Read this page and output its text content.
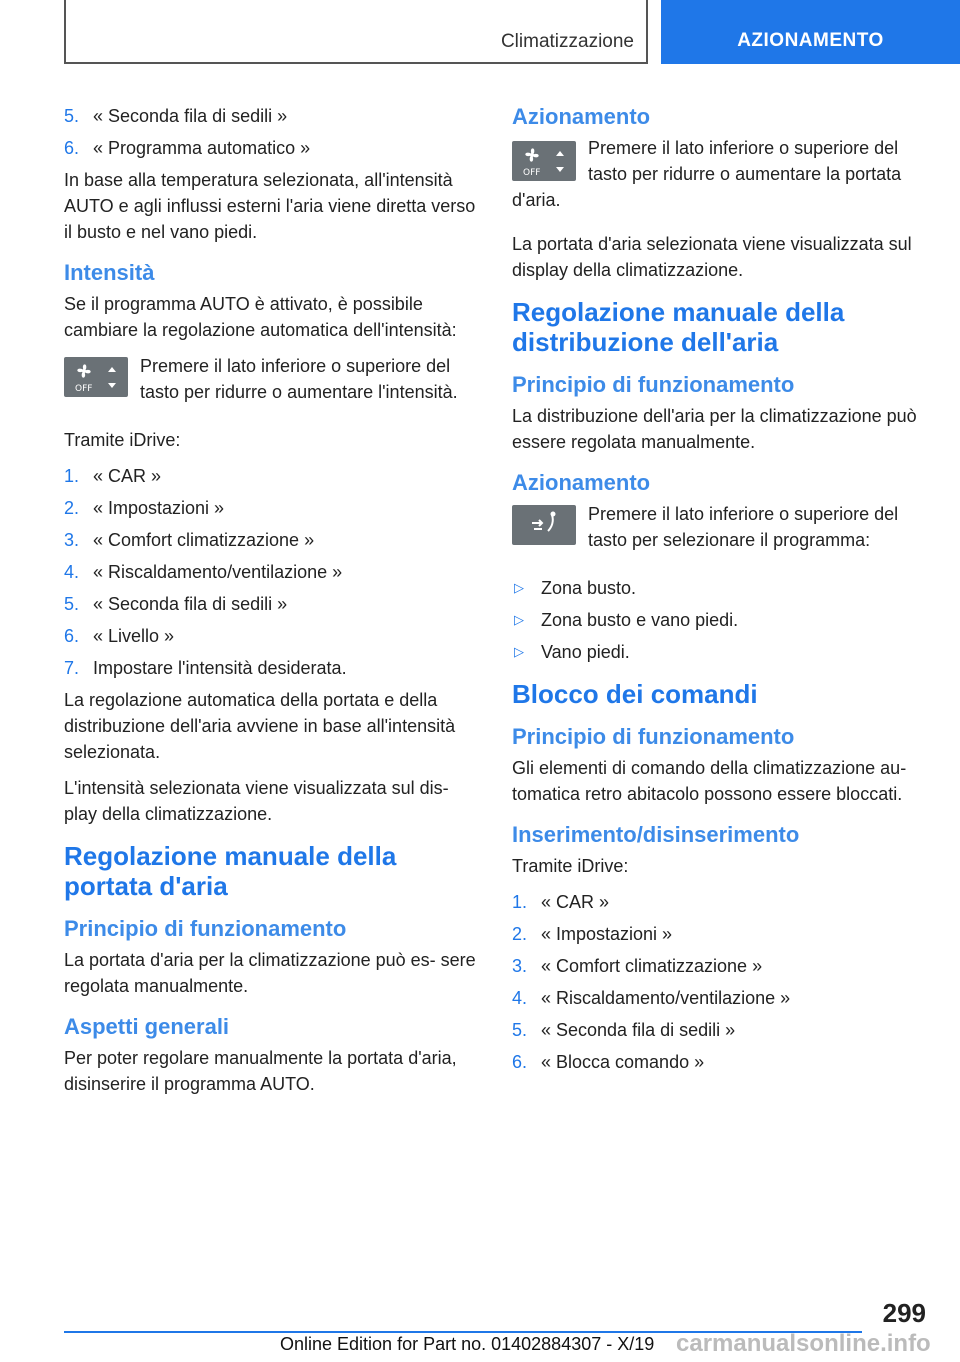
Climatizzazione	AZIONAMENTO
5. « Seconda fila di sedili »
6. « Programma automatico »

In base alla temperatura selezionata, all'intensità AUTO e agli influssi esterni l'aria viene diretta verso il busto e nel vano piedi.

Intensità

Se il programma AUTO è attivato, è possibile cambiare la regolazione automatica dell'intensità:

OFF

Premere il lato inferiore o superiore del tasto per ridurre o aumentare l'intensità.

Tramite iDrive:

1. « CAR »
2. « Impostazioni »
3. « Comfort climatizzazione »
4. « Riscaldamento/ventilazione »
5. « Seconda fila di sedili »
6. « Livello »
7. Impostare l'intensità desiderata.

La regolazione automatica della portata e della distribuzione dell'aria avviene in base all'intensità selezionata.

L'intensità selezionata viene visualizzata sul dis‐ play della climatizzazione.

Regolazione manuale della portata d'aria
Principio di funzionamento

La portata d'aria per la climatizzazione può es‐ sere regolata manualmente.

Aspetti generali

Per poter regolare manualmente la portata d'aria, disinserire il programma AUTO.

Azionamento
OFF

Premere il lato inferiore o superiore del tasto per ridurre o aumentare la portata d'aria.

La portata d'aria selezionata viene visualizzata sul display della climatizzazione.

Regolazione manuale della distribuzione dell'aria
Principio di funzionamento

La distribuzione dell'aria per la climatizzazione può essere regolata manualmente.

Azionamento

Premere il lato inferiore o superiore del tasto per selezionare il programma:

▷ Zona busto.
▷ Zona busto e vano piedi.
▷ Vano piedi.
Blocco dei comandi
Principio di funzionamento

Gli elementi di comando della climatizzazione au‐ tomatica retro abitacolo possono essere bloccati.

Inserimento/disinserimento

Tramite iDrive:

1. « CAR »
2. « Impostazioni »
3. « Comfort climatizzazione »
4. « Riscaldamento/ventilazione »
5. « Seconda fila di sedili »
6. « Blocca comando »
299
Online Edition for Part no. 01402884307 - X/19 carmanualsonline.info
